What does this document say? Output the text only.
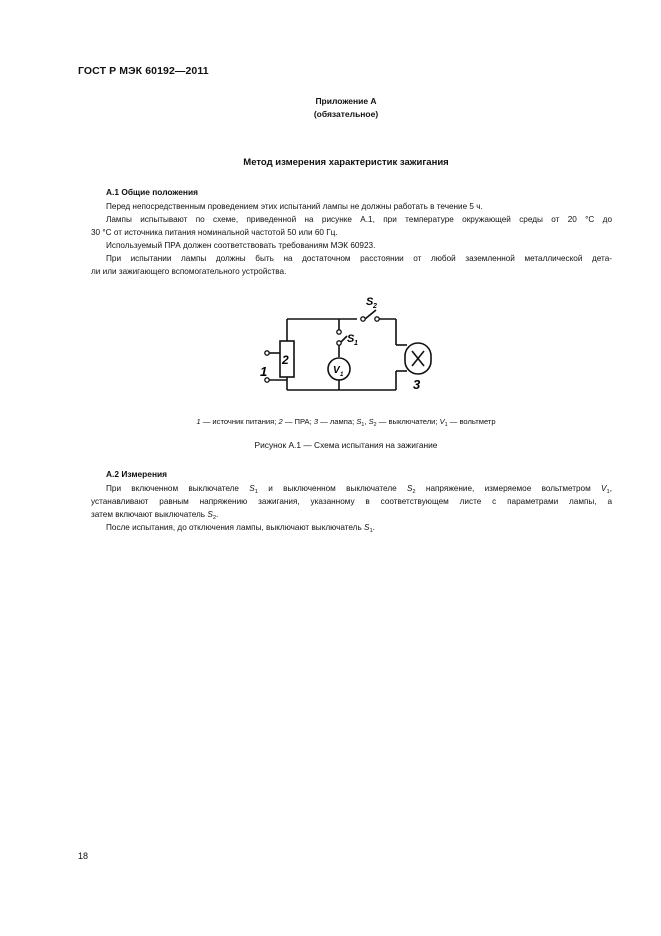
ГОСТ Р МЭК 60192—2011
Приложение А
(обязательное)
Метод измерения характеристик зажигания
А.1 Общие положения
Перед непосредственным проведением этих испытаний лампы не должны работать в течение 5 ч.
Лампы испытывают по схеме, приведенной на рисунке А.1, при температуре окружающей среды от 20 °С до
30 °С от источника питания номинальной частотой 50 или 60 Гц.
Используемый ПРА должен соответствовать требованиям МЭК 60923.
При испытании лампы должны быть на достаточном расстоянии от любой заземленной металлической дета-
ли или зажигающего вспомогательного устройства.
2
1
3
S 1
S 2
V 1
1 — источник питания; 2 — ПРА; 3 — лампа; $S_1$, $S_2$ — выключатели; $V_1$ — вольтметр
Рисунок А.1 — Схема испытания на зажигание
А.2 Измерения
При включенном выключателе $S_1$ и выключенном выключателе $S_2$ напряжение, измеряемое вольтметром $V_1$,
устанавливают равным напряжению зажигания, указанному в соответствующем листе с параметрами лампы, а
затем включают выключатель $S_2$.
После испытания, до отключения лампы, выключают выключатель $S_1$.
18
